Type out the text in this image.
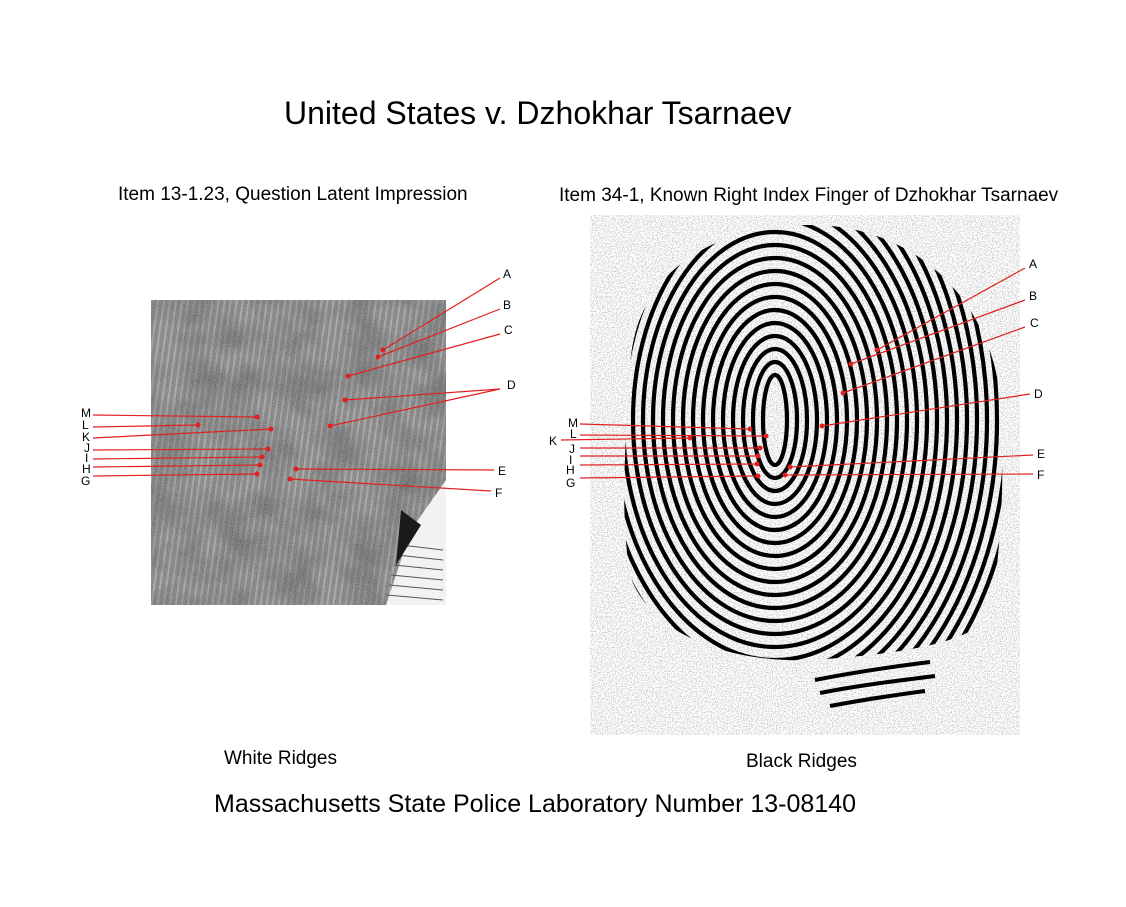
United States v. Dzhokhar Tsarnaev
Item 13-1.23, Question Latent Impression	Item 34-1, Known Right Index Finger of Dzhokhar Tsarnaev
A
B
C
D
E
F
G
H
I
J
K
L
M
A
B
C
D
E
F
G
H
I
J
K L
M
White Ridges	Black Ridges
Massachusetts State Police Laboratory Number 13-08140
